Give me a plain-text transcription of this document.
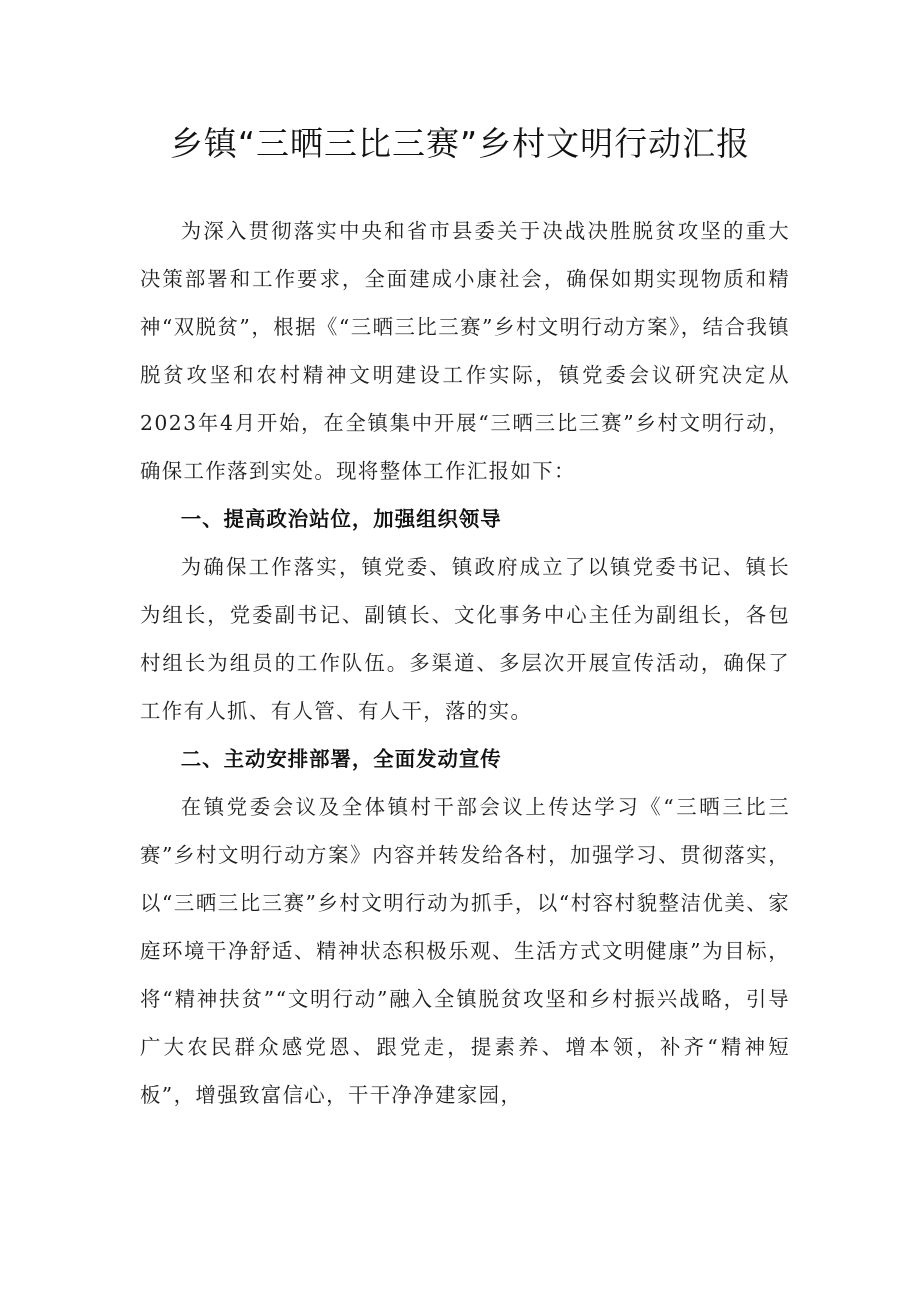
乡镇“三晒三比三赛”乡村文明行动汇报

为深入贯彻落实中央和省市县委关于决战决胜脱贫攻坚的重大决策部署和工作要求，全面建成小康社会，确保如期实现物质和精神“双脱贫”，根据《“三晒三比三赛”乡村文明行动方案》，结合我镇脱贫攻坚和农村精神文明建设工作实际，镇党委会议研究决定从2023年4月开始，在全镇集中开展“三晒三比三赛”乡村文明行动，确保工作落到实处。现将整体工作汇报如下：

一、提高政治站位，加强组织领导

为确保工作落实，镇党委、镇政府成立了以镇党委书记、镇长为组长，党委副书记、副镇长、文化事务中心主任为副组长，各包村组长为组员的工作队伍。多渠道、多层次开展宣传活动，确保了工作有人抓、有人管、有人干，落的实。

二、主动安排部署，全面发动宣传

在镇党委会议及全体镇村干部会议上传达学习《“三晒三比三赛”乡村文明行动方案》内容并转发给各村，加强学习、贯彻落实，以“三晒三比三赛”乡村文明行动为抓手，以“村容村貌整洁优美、家庭环境干净舒适、精神状态积极乐观、生活方式文明健康”为目标，将“精神扶贫”“文明行动”融入全镇脱贫攻坚和乡村振兴战略，引导广大农民群众感党恩、跟党走，提素养、增本领，补齐“精神短板”，增强致富信心，干干净净建家园，
